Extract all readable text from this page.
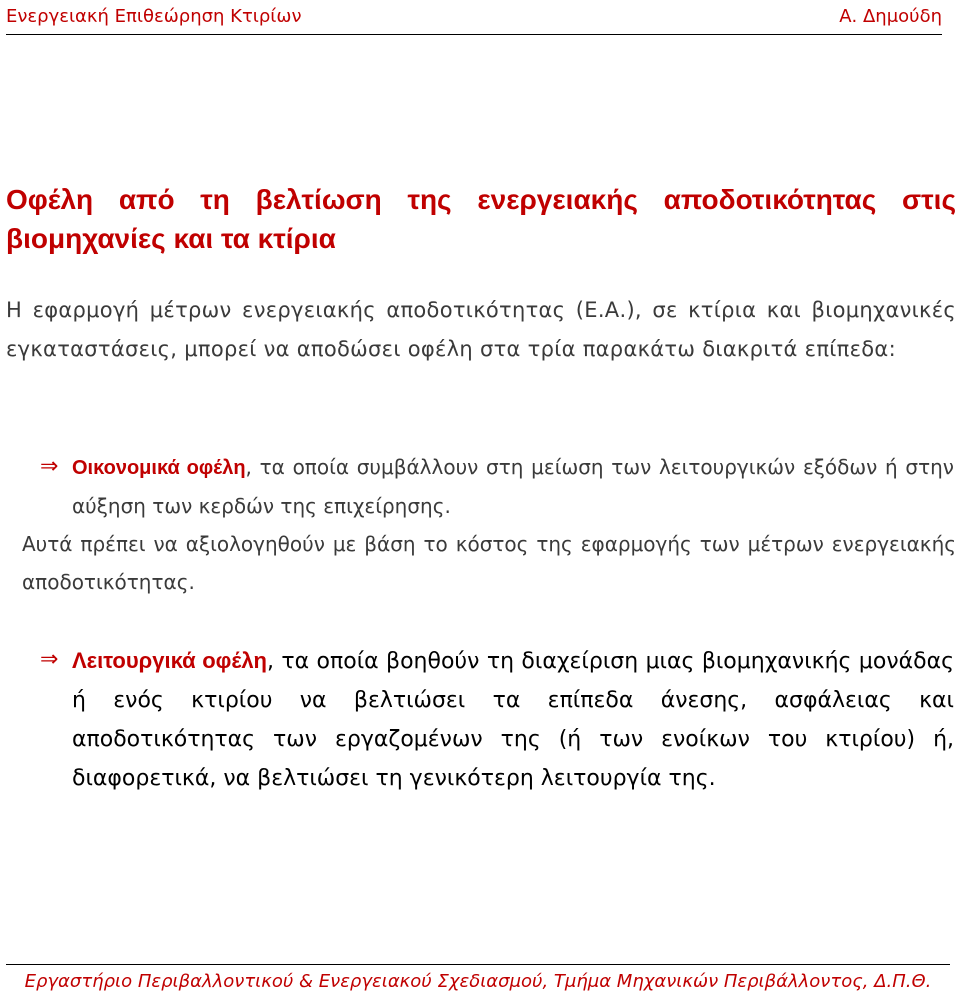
Ενεργειακή Επιθεώρηση Κτιρίων	Α. Δημούδη
Οφέλη από τη βελτίωση της ενεργειακής αποδοτικότητας στις βιομηχανίες και τα κτίρια
Η εφαρμογή μέτρων ενεργειακής αποδοτικότητας (Ε.Α.), σε κτίρια και βιομηχανικές εγκαταστάσεις, μπορεί να αποδώσει οφέλη στα τρία παρακάτω διακριτά επίπεδα:
⇒ Οικονομικά οφέλη, τα οποία συμβάλλουν στη μείωση των λειτουργικών εξόδων ή στην αύξηση των κερδών της επιχείρησης.
Αυτά πρέπει να αξιολογηθούν με βάση το κόστος της εφαρμογής των μέτρων ενεργειακής αποδοτικότητας.
⇒ Λειτουργικά οφέλη, τα οποία βοηθούν τη διαχείριση μιας βιομηχανικής μονάδας ή ενός κτιρίου να βελτιώσει τα επίπεδα άνεσης, ασφάλειας και αποδοτικότητας των εργαζομένων της (ή των ενοίκων του κτιρίου) ή, διαφορετικά, να βελτιώσει τη γενικότερη λειτουργία της.
Εργαστήριο Περιβαλλοντικού & Ενεργειακού Σχεδιασμού, Τμήμα Μηχανικών Περιβάλλοντος, Δ.Π.Θ.
